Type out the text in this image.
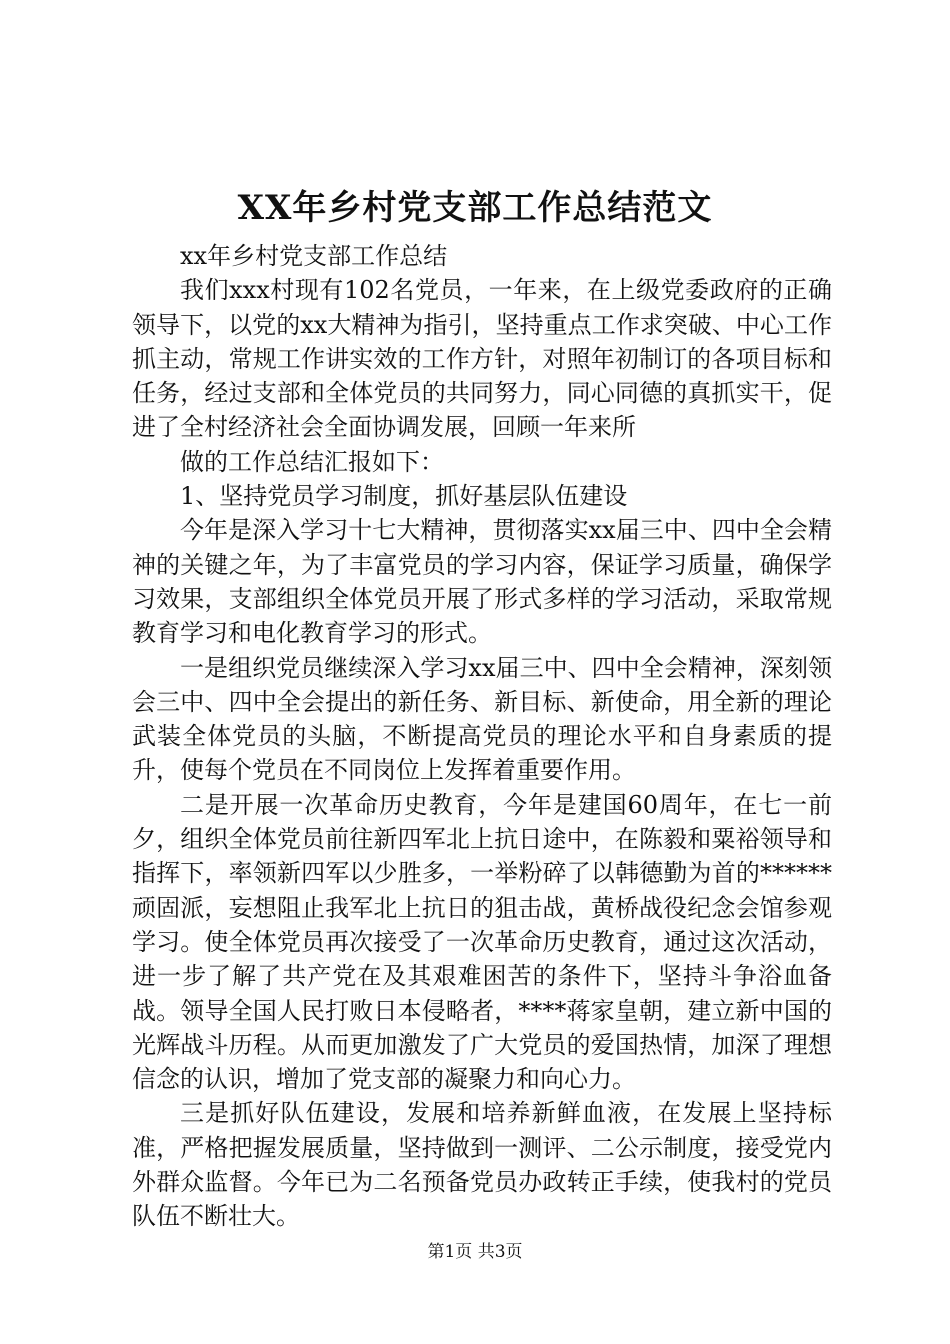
XX年乡村党支部工作总结范文

xx年乡村党支部工作总结

我们xxx村现有102名党员，一年来，在上级党委政府的正确领导下，以党的xx大精神为指引，坚持重点工作求突破、中心工作抓主动，常规工作讲实效的工作方针，对照年初制订的各项目标和任务，经过支部和全体党员的共同努力，同心同德的真抓实干，促进了全村经济社会全面协调发展，回顾一年来所

做的工作总结汇报如下：

1、坚持党员学习制度，抓好基层队伍建设

今年是深入学习十七大精神，贯彻落实xx届三中、四中全会精神的关键之年，为了丰富党员的学习内容，保证学习质量，确保学习效果，支部组织全体党员开展了形式多样的学习活动，采取常规教育学习和电化教育学习的形式。

一是组织党员继续深入学习xx届三中、四中全会精神，深刻领会三中、四中全会提出的新任务、新目标、新使命，用全新的理论武装全体党员的头脑，不断提高党员的理论水平和自身素质的提升，使每个党员在不同岗位上发挥着重要作用。

二是开展一次革命历史教育，今年是建国60周年，在七一前夕，组织全体党员前往新四军北上抗日途中，在陈毅和粟裕领导和指挥下，率领新四军以少胜多，一举粉碎了以韩德勤为首的******顽固派，妄想阻止我军北上抗日的狙击战，黄桥战役纪念会馆参观学习。使全体党员再次接受了一次革命历史教育，通过这次活动，进一步了解了共产党在及其艰难困苦的条件下，坚持斗争浴血备战。领导全国人民打败日本侵略者，****蒋家皇朝，建立新中国的光辉战斗历程。从而更加激发了广大党员的爱国热情，加深了理想信念的认识，增加了党支部的凝聚力和向心力。

三是抓好队伍建设，发展和培养新鲜血液，在发展上坚持标准，严格把握发展质量，坚持做到一测评、二公示制度，接受党内外群众监督。今年已为二名预备党员办政转正手续，使我村的党员队伍不断壮大。

第1页 共3页
